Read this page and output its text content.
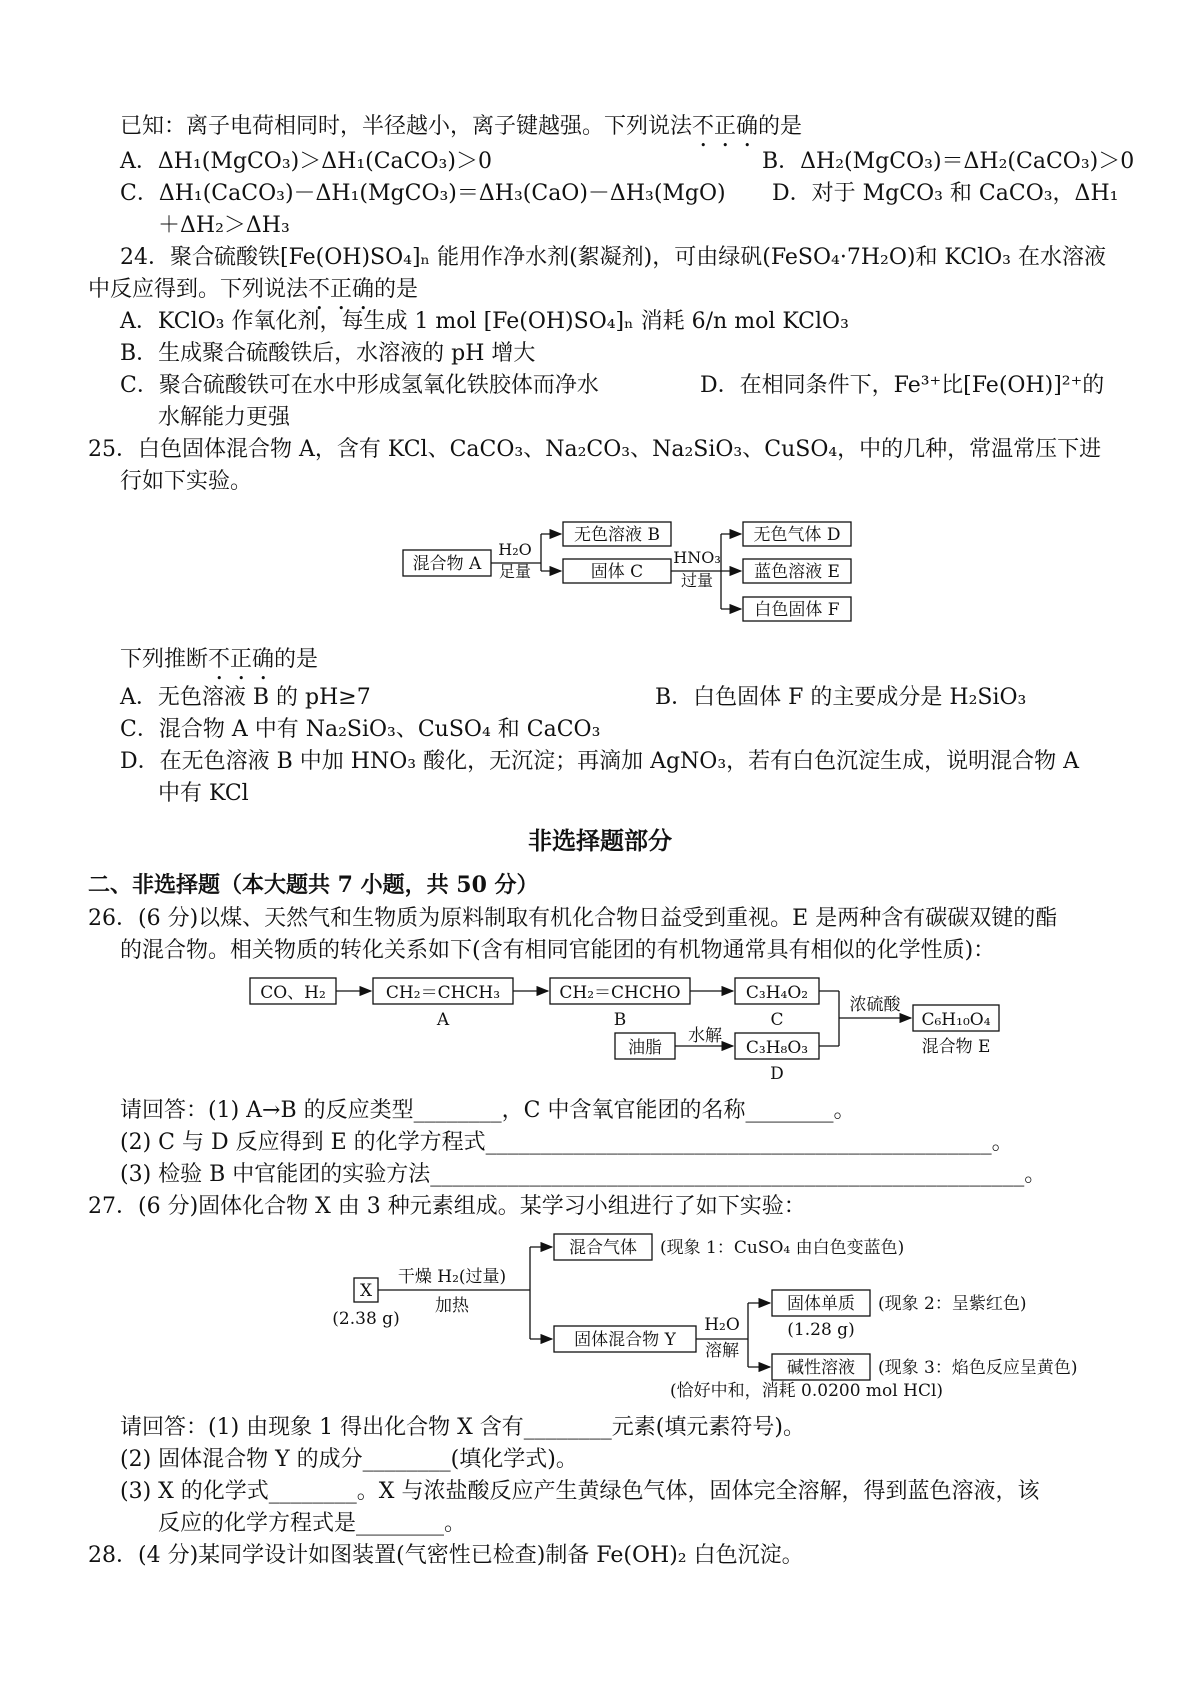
已知：离子电荷相同时，半径越小，离子键越强。下列说法不正确的是
A．ΔH₁(MgCO₃)＞ΔH₁(CaCO₃)＞0	B．ΔH₂(MgCO₃)＝ΔH₂(CaCO₃)＞0
C．ΔH₁(CaCO₃)－ΔH₁(MgCO₃)＝ΔH₃(CaO)－ΔH₃(MgO) D．对于 MgCO₃ 和 CaCO₃，ΔH₁
＋ΔH₂＞ΔH₃
24．聚合硫酸铁[Fe(OH)SO₄]ₙ 能用作净水剂(絮凝剂)，可由绿矾(FeSO₄·7H₂O)和 KClO₃ 在水溶液
中反应得到。下列说法不正确的是
A．KClO₃ 作氧化剂，每生成 1 mol [Fe(OH)SO₄]ₙ 消耗 6/n mol KClO₃
B．生成聚合硫酸铁后，水溶液的 pH 增大
C．聚合硫酸铁可在水中形成氢氧化铁胶体而净水	D．在相同条件下，Fe³⁺比[Fe(OH)]²⁺的
水解能力更强
25．白色固体混合物 A，含有 KCl、CaCO₃、Na₂CO₃、Na₂SiO₃、CuSO₄，中的几种，常温常压下进
行如下实验。
混合物 A
H₂O
足量
无色溶液 B
固体 C
HNO₃
过量
无色气体 D
蓝色溶液 E
白色固体 F
下列推断不正确的是
A．无色溶液 B 的 pH≥7	B．白色固体 F 的主要成分是 H₂SiO₃
C．混合物 A 中有 Na₂SiO₃、CuSO₄ 和 CaCO₃
D．在无色溶液 B 中加 HNO₃ 酸化，无沉淀；再滴加 AgNO₃，若有白色沉淀生成，说明混合物 A
中有 KCl
非选择题部分
二、非选择题（本大题共 7 小题，共 50 分）
26．(6 分)以煤、天然气和生物质为原料制取有机化合物日益受到重视。E 是两种含有碳碳双键的酯
的混合物。相关物质的转化关系如下(含有相同官能团的有机物通常具有相似的化学性质)：
CO、H₂	CH₂＝CHCH₃
A
CH₂＝CHCHO
B
C₃H₄O₂
C
油脂
水解
C₃H₈O₃
D
浓硫酸
C₆H₁₀O₄
混合物 E
请回答：(1) A→B 的反应类型________，C 中含氧官能团的名称________。
(2) C 与 D 反应得到 E 的化学方程式______________________________________________。
(3) 检验 B 中官能团的实验方法______________________________________________________。
27．(6 分)固体化合物 X 由 3 种元素组成。某学习小组进行了如下实验：
X
(2.38 g)
干燥 H₂(过量)
加热
混合气体 (现象 1：CuSO₄ 由白色变蓝色)
固体混合物 Y
H₂O
溶解
固体单质 (现象 2：呈紫红色)
(1.28 g)
碱性溶液 (现象 3：焰色反应呈黄色)
(恰好中和，消耗 0.0200 mol HCl)
请回答：(1) 由现象 1 得出化合物 X 含有________元素(填元素符号)。
(2) 固体混合物 Y 的成分________(填化学式)。
(3) X 的化学式________。X 与浓盐酸反应产生黄绿色气体，固体完全溶解，得到蓝色溶液，该
反应的化学方程式是________。
28．(4 分)某同学设计如图装置(气密性已检查)制备 Fe(OH)₂ 白色沉淀。
